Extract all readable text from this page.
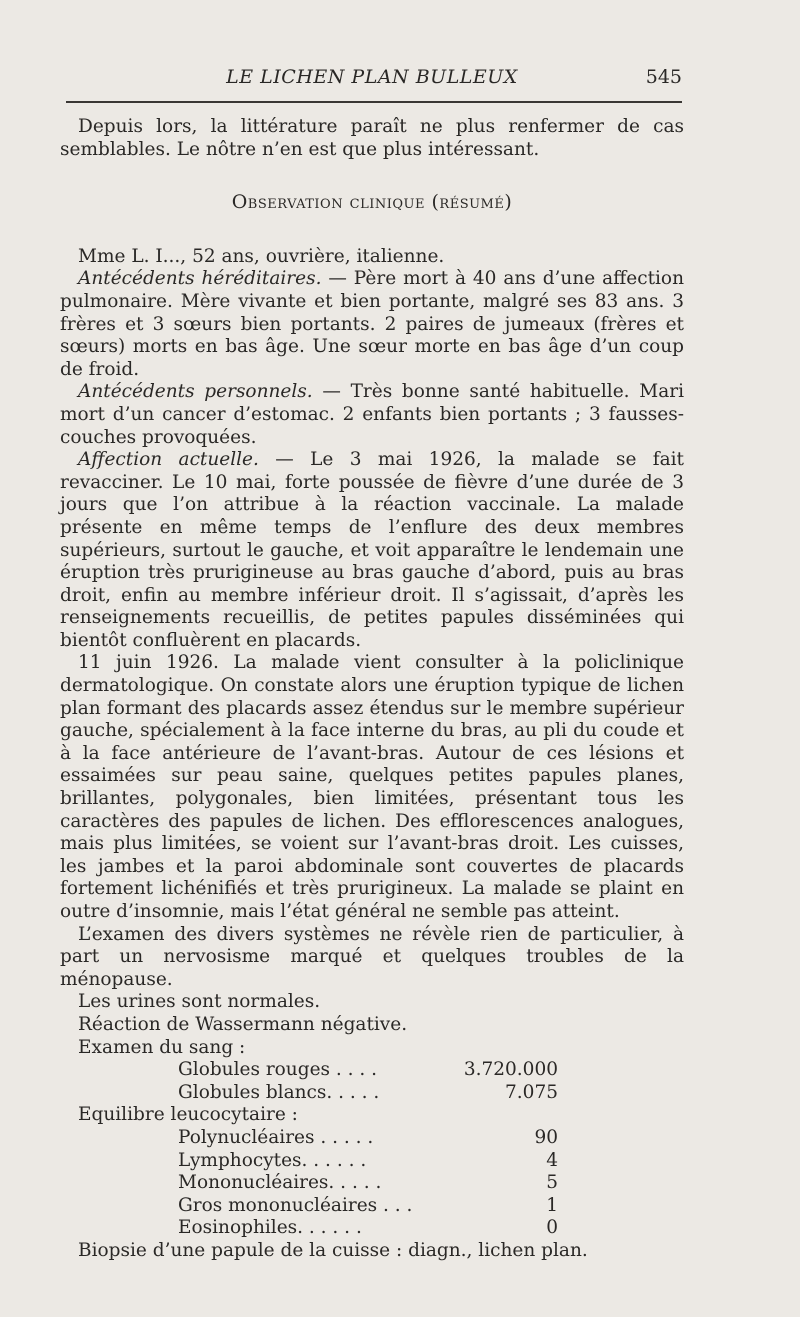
LE LICHEN PLAN BULLEUX	545

Depuis lors, la littérature paraît ne plus renfermer de cas semblables. Le nôtre n’en est que plus intéressant.

Observation clinique (résumé)

Mme L. I..., 52 ans, ouvrière, italienne.

Antécédents héréditaires. — Père mort à 40 ans d’une affection pulmonaire. Mère vivante et bien portante, malgré ses 83 ans. 3 frères et 3 sœurs bien portants. 2 paires de jumeaux (frères et sœurs) morts en bas âge. Une sœur morte en bas âge d’un coup de froid.

Antécédents personnels. — Très bonne santé habituelle. Mari mort d’un cancer d’estomac. 2 enfants bien portants ; 3 fausses-couches provoquées.

Affection actuelle. — Le 3 mai 1926, la malade se fait revacciner. Le 10 mai, forte poussée de fièvre d’une durée de 3 jours que l’on attribue à la réaction vaccinale. La malade présente en même temps de l’enflure des deux membres supérieurs, surtout le gauche, et voit apparaître le lendemain une éruption très prurigineuse au bras gauche d’abord, puis au bras droit, enfin au membre inférieur droit. Il s’agissait, d’après les renseignements recueillis, de petites papules disséminées qui bientôt confluèrent en placards.

11 juin 1926. La malade vient consulter à la policlinique dermatologique. On constate alors une éruption typique de lichen plan formant des placards assez étendus sur le membre supérieur gauche, spécialement à la face interne du bras, au pli du coude et à la face antérieure de l’avant-bras. Autour de ces lésions et essaimées sur peau saine, quelques petites papules planes, brillantes, polygonales, bien limitées, présentant tous les caractères des papules de lichen. Des efflorescences analogues, mais plus limitées, se voient sur l’avant-bras droit. Les cuisses, les jambes et la paroi abdominale sont couvertes de placards fortement lichénifiés et très prurigineux. La malade se plaint en outre d’insomnie, mais l’état général ne semble pas atteint.

L’examen des divers systèmes ne révèle rien de particulier, à part un nervosisme marqué et quelques troubles de la ménopause.

Les urines sont normales.

Réaction de Wassermann négative.

Examen du sang :

Globules rouges . . . .	3.720.000
Globules blancs. . . . .	7.075

Equilibre leucocytaire :

Polynucléaires . . . . .	90
Lymphocytes. . . . . .	4
Mononucléaires. . . . .	5
Gros mononucléaires . . .	1
Eosinophiles. . . . . .	0

Biopsie d’une papule de la cuisse : diagn., lichen plan.
